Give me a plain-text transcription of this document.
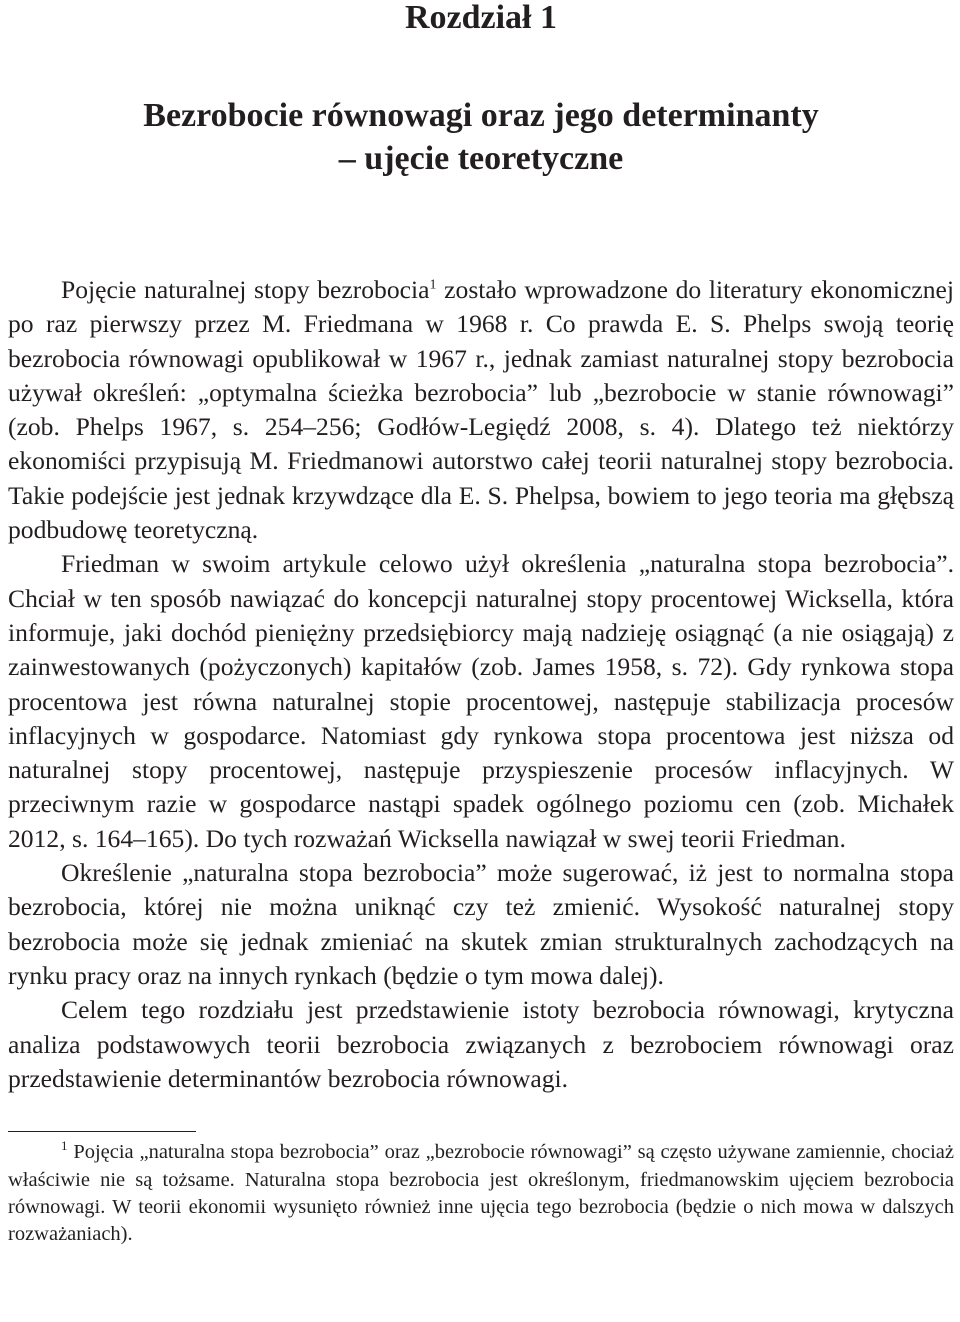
Rozdział 1
Bezrobocie równowagi oraz jego determinanty
– ujęcie teoretyczne

Pojęcie naturalnej stopy bezrobocia$^1$ zostało wprowadzone do literatury ekonomicznej po raz pierwszy przez M. Friedmana w 1968 r. Co prawda E. S. Phelps swoją teorię bezrobocia równowagi opublikował w 1967 r., jednak zamiast naturalnej stopy bezrobocia używał określeń: „optymalna ścieżka bezrobocia” lub „bezrobocie w stanie równowagi” (zob. Phelps 1967, s. 254–256; Godłów-Legiędź 2008, s. 4). Dlatego też niektórzy ekonomiści przypisują M. Friedmanowi autorstwo całej teorii naturalnej stopy bezrobocia. Takie podejście jest jednak krzywdzące dla E. S. Phelpsa, bowiem to jego teoria ma głębszą podbudowę teoretyczną.

Friedman w swoim artykule celowo użył określenia „naturalna stopa bezrobocia”. Chciał w ten sposób nawiązać do koncepcji naturalnej stopy procentowej Wicksella, która informuje, jaki dochód pieniężny przedsiębiorcy mają nadzieję osiągnąć (a nie osiągają) z zainwestowanych (pożyczonych) kapitałów (zob. James 1958, s. 72). Gdy rynkowa stopa procentowa jest równa naturalnej stopie procentowej, następuje stabilizacja procesów inflacyjnych w gospodarce. Natomiast gdy rynkowa stopa procentowa jest niższa od naturalnej stopy procentowej, następuje przyspieszenie procesów inflacyjnych. W przeciwnym razie w gospodarce nastąpi spadek ogólnego poziomu cen (zob. Michałek 2012, s. 164–165). Do tych rozważań Wicksella nawiązał w swej teorii Friedman.

Określenie „naturalna stopa bezrobocia” może sugerować, iż jest to normalna stopa bezrobocia, której nie można uniknąć czy też zmienić. Wysokość naturalnej stopy bezrobocia może się jednak zmieniać na skutek zmian strukturalnych zachodzących na rynku pracy oraz na innych rynkach (będzie o tym mowa dalej).

Celem tego rozdziału jest przedstawienie istoty bezrobocia równowagi, krytyczna analiza podstawowych teorii bezrobocia związanych z bezrobociem równowagi oraz przedstawienie determinantów bezrobocia równowagi.

$^1$ Pojęcia „naturalna stopa bezrobocia” oraz „bezrobocie równowagi” są często używane zamiennie, chociaż właściwie nie są tożsame. Naturalna stopa bezrobocia jest określonym, friedmanowskim ujęciem bezrobocia równowagi. W teorii ekonomii wysunięto również inne ujęcia tego bezrobocia (będzie o nich mowa w dalszych rozważaniach).
